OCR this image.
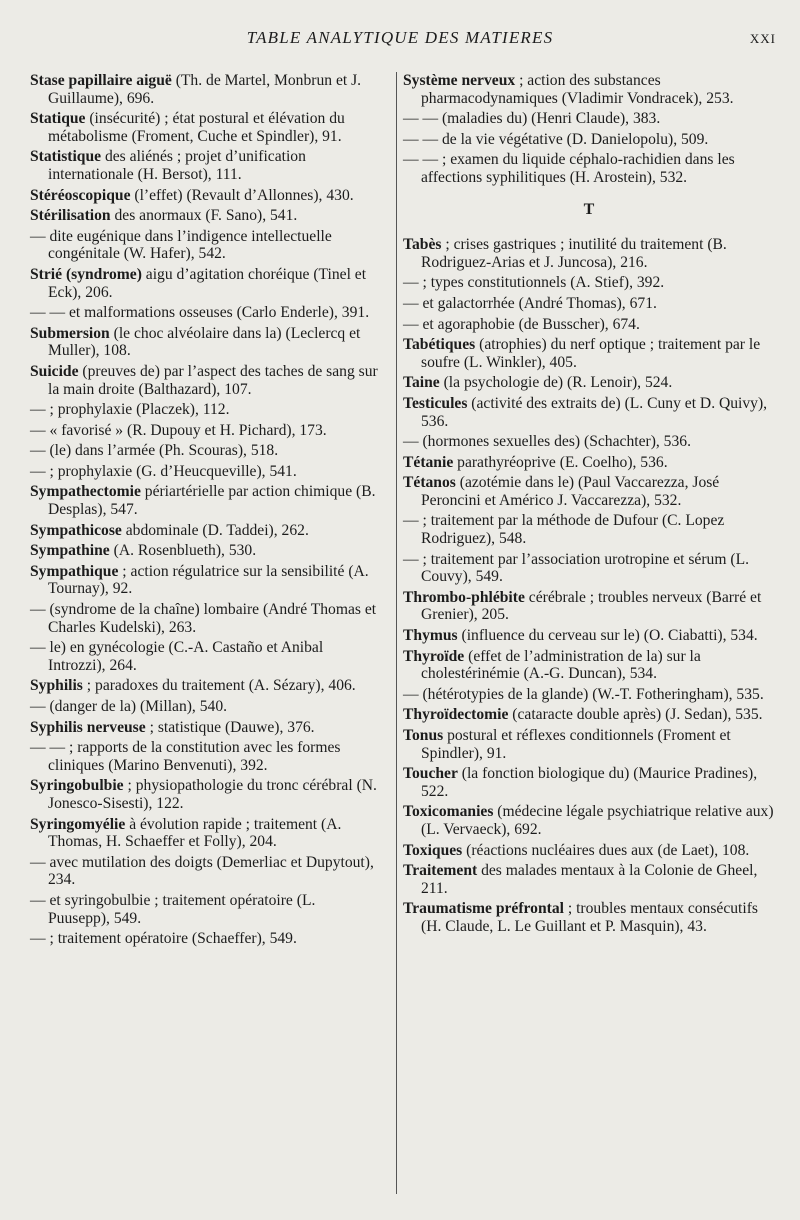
TABLE ANALYTIQUE DES MATIERES	XXI
Stase papillaire aiguë (Th. de Martel, Monbrun et J. Guillaume), 696.
Statique (insécurité) ; état postural et élévation du métabolisme (Froment, Cuche et Spindler), 91.
Statistique des aliénés ; projet d’unification internationale (H. Bersot), 111.
Stéréoscopique (l’effet) (Revault d’Allonnes), 430.
Stérilisation des anormaux (F. Sano), 541.
— dite eugénique dans l’indigence intellectuelle congénitale (W. Hafer), 542.
Strié (syndrome) aigu d’agitation choréique (Tinel et Eck), 206.
— — et malformations osseuses (Carlo Enderle), 391.
Submersion (le choc alvéolaire dans la) (Leclercq et Muller), 108.
Suicide (preuves de) par l’aspect des taches de sang sur la main droite (Balthazard), 107.
— ; prophylaxie (Placzek), 112.
— « favorisé » (R. Dupouy et H. Pichard), 173.
— (le) dans l’armée (Ph. Scouras), 518.
— ; prophylaxie (G. d’Heucqueville), 541.
Sympathectomie périartérielle par action chimique (B. Desplas), 547.
Sympathicose abdominale (D. Taddei), 262.
Sympathine (A. Rosenblueth), 530.
Sympathique ; action régulatrice sur la sensibilité (A. Tournay), 92.
— (syndrome de la chaîne) lombaire (André Thomas et Charles Kudelski), 263.
— le) en gynécologie (C.-A. Castaño et Anibal Introzzi), 264.
Syphilis ; paradoxes du traitement (A. Sézary), 406.
— (danger de la) (Millan), 540.
Syphilis nerveuse ; statistique (Dauwe), 376.
— — ; rapports de la constitution avec les formes cliniques (Marino Benvenuti), 392.
Syringobulbie ; physiopathologie du tronc cérébral (N. Jonesco-Sisesti), 122.
Syringomyélie à évolution rapide ; traitement (A. Thomas, H. Schaeffer et Folly), 204.
— avec mutilation des doigts (Demerliac et Dupytout), 234.
— et syringobulbie ; traitement opératoire (L. Puusepp), 549.
— ; traitement opératoire (Schaeffer), 549.
Système nerveux ; action des substances pharmacodynamiques (Vladimir Vondracek), 253.
— — (maladies du) (Henri Claude), 383.
— — de la vie végétative (D. Danielopolu), 509.
— — ; examen du liquide céphalo-rachidien dans les affections syphilitiques (H. Arostein), 532.
T
Tabès ; crises gastriques ; inutilité du traitement (B. Rodriguez-Arias et J. Juncosa), 216.
— ; types constitutionnels (A. Stief), 392.
— et galactorrhée (André Thomas), 671.
— et agoraphobie (de Busscher), 674.
Tabétiques (atrophies) du nerf optique ; traitement par le soufre (L. Winkler), 405.
Taine (la psychologie de) (R. Lenoir), 524.
Testicules (activité des extraits de) (L. Cuny et D. Quivy), 536.
— (hormones sexuelles des) (Schachter), 536.
Tétanie parathyréoprive (E. Coelho), 536.
Tétanos (azotémie dans le) (Paul Vaccarezza, José Peroncini et Américo J. Vaccarezza), 532.
— ; traitement par la méthode de Dufour (C. Lopez Rodriguez), 548.
— ; traitement par l’association urotropine et sérum (L. Couvy), 549.
Thrombo-phlébite cérébrale ; troubles nerveux (Barré et Grenier), 205.
Thymus (influence du cerveau sur le) (O. Ciabatti), 534.
Thyroïde (effet de l’administration de la) sur la cholestérinémie (A.-G. Duncan), 534.
— (hétérotypies de la glande) (W.-T. Fotheringham), 535.
Thyroïdectomie (cataracte double après) (J. Sedan), 535.
Tonus postural et réflexes conditionnels (Froment et Spindler), 91.
Toucher (la fonction biologique du) (Maurice Pradines), 522.
Toxicomanies (médecine légale psychiatrique relative aux) (L. Vervaeck), 692.
Toxiques (réactions nucléaires dues aux (de Laet), 108.
Traitement des malades mentaux à la Colonie de Gheel, 211.
Traumatisme préfrontal ; troubles mentaux consécutifs (H. Claude, L. Le Guillant et P. Masquin), 43.
